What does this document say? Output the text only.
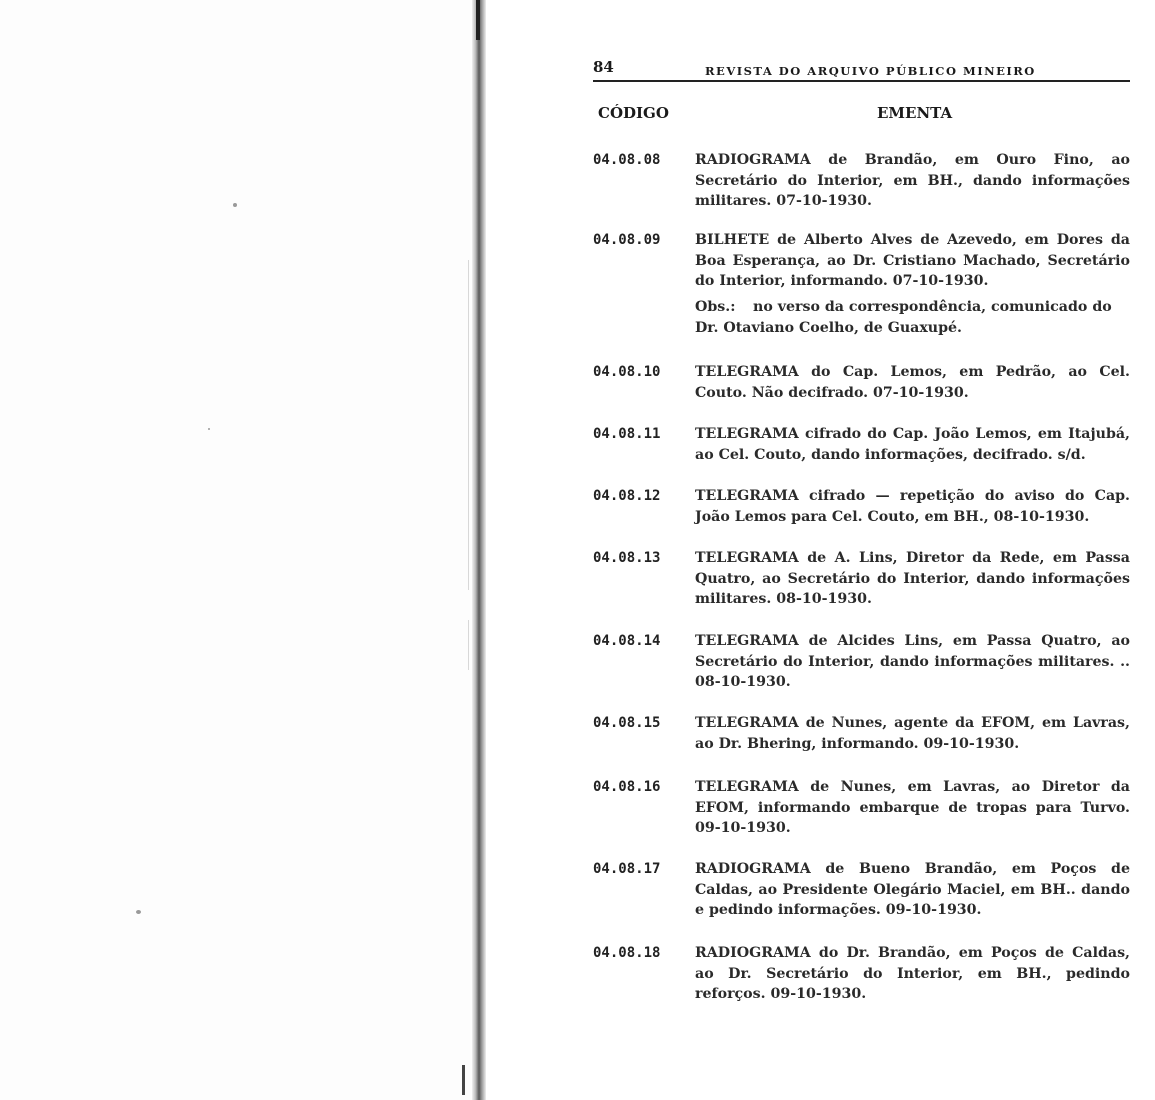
84	REVISTA DO ARQUIVO PÚBLICO MINEIRO
CÓDIGO	EMENTA
04.08.08 RADIOGRAMA de Brandão, em Ouro Fino, ao Secretário do Interior, em BH., dando informações militares. 07-10-1930.
04.08.09 BILHETE de Alberto Alves de Azevedo, em Dores da Boa Esperança, ao Dr. Cristiano Machado, Secretário do Interior, informando. 07-10-1930.
Obs.: no verso da correspondência, comunicado do Dr. Otaviano Coelho, de Guaxupé.
04.08.10 TELEGRAMA do Cap. Lemos, em Pedrão, ao Cel. Couto. Não decifrado. 07-10-1930.
04.08.11 TELEGRAMA cifrado do Cap. João Lemos, em Itajubá, ao Cel. Couto, dando informações, decifrado. s/d.
04.08.12 TELEGRAMA cifrado — repetição do aviso do Cap. João Lemos para Cel. Couto, em BH., 08-10-1930.
04.08.13 TELEGRAMA de A. Lins, Diretor da Rede, em Passa Quatro, ao Secretário do Interior, dando informações militares. 08-10-1930.
04.08.14 TELEGRAMA de Alcides Lins, em Passa Quatro, ao Secretário do Interior, dando informações militares. .. 08-10-1930.
04.08.15 TELEGRAMA de Nunes, agente da EFOM, em Lavras, ao Dr. Bhering, informando. 09-10-1930.
04.08.16 TELEGRAMA de Nunes, em Lavras, ao Diretor da EFOM, informando embarque de tropas para Turvo. 09-10-1930.
04.08.17 RADIOGRAMA de Bueno Brandão, em Poços de Caldas, ao Presidente Olegário Maciel, em BH.. dando e pedindo informações. 09-10-1930.
04.08.18 RADIOGRAMA do Dr. Brandão, em Poços de Caldas, ao Dr. Secretário do Interior, em BH., pedindo reforços. 09-10-1930.
